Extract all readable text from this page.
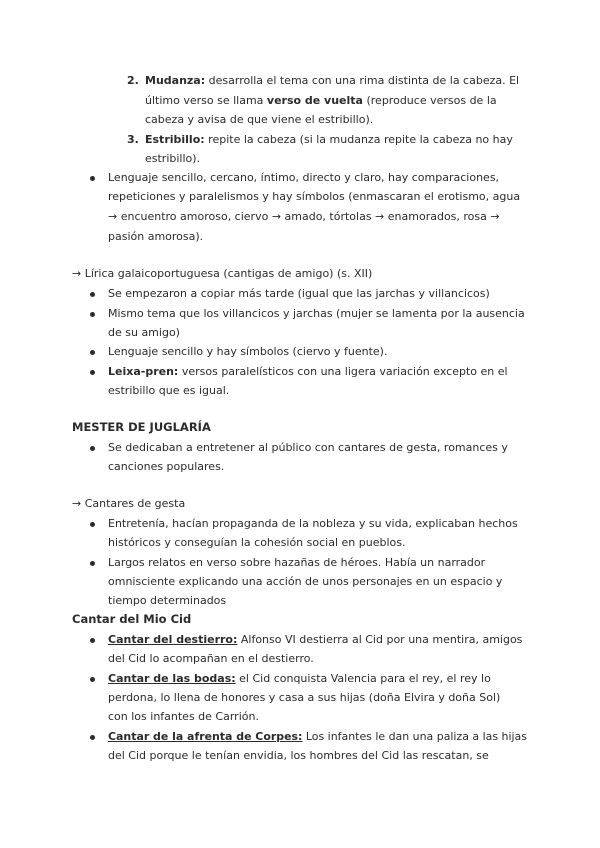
2. Mudanza: desarrolla el tema con una rima distinta de la cabeza. El
último verso se llama verso de vuelta (reproduce versos de la
cabeza y avisa de que viene el estribillo).
3. Estribillo: repite la cabeza (si la mudanza repite la cabeza no hay
estribillo).
Lenguaje sencillo, cercano, íntimo, directo y claro, hay comparaciones,
repeticiones y paralelismos y hay símbolos (enmascaran el erotismo, agua
→ encuentro amoroso, ciervo → amado, tórtolas → enamorados, rosa →
pasión amorosa).
→ Lírica galaicoportuguesa (cantigas de amigo) (s. XII)
Se empezaron a copiar más tarde (igual que las jarchas y villancicos)
Mismo tema que los villancicos y jarchas (mujer se lamenta por la ausencia
de su amigo)
Lenguaje sencillo y hay símbolos (ciervo y fuente).
Leixa-pren: versos paralelísticos con una ligera variación excepto en el
estribillo que es igual.
MESTER DE JUGLARÍA
Se dedicaban a entretener al público con cantares de gesta, romances y
canciones populares.
→ Cantares de gesta
Entretenía, hacían propaganda de la nobleza y su vida, explicaban hechos
históricos y conseguían la cohesión social en pueblos.
Largos relatos en verso sobre hazañas de héroes. Había un narrador
omnisciente explicando una acción de unos personajes en un espacio y
tiempo determinados
Cantar del Mio Cid
Cantar del destierro: Alfonso VI destierra al Cid por una mentira, amigos
del Cid lo acompañan en el destierro.
Cantar de las bodas: el Cid conquista Valencia para el rey, el rey lo
perdona, lo llena de honores y casa a sus hijas (doña Elvira y doña Sol)
con los infantes de Carrión.
Cantar de la afrenta de Corpes: Los infantes le dan una paliza a las hijas
del Cid porque le tenían envidia, los hombres del Cid las rescatan, se
